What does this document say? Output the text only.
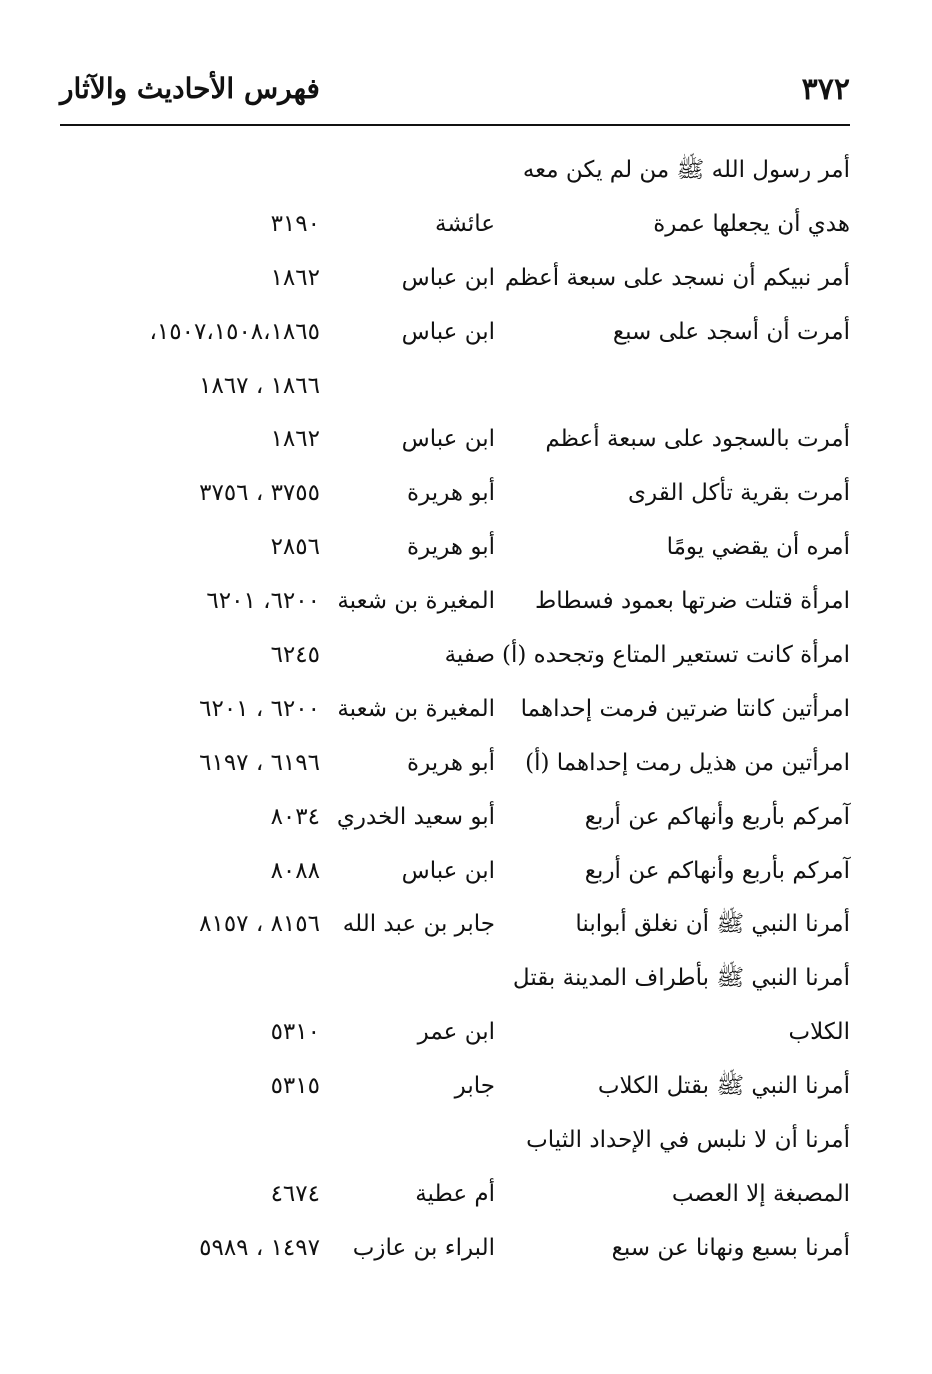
٣٧٢
فهرس الأحاديث والآثار
أمر رسول الله ﷺ من لم يكن معه
هدي أن يجعلها عمرة
عائشة
٣١٩٠
أمر نبيكم أن نسجد على سبعة أعظم
ابن عباس
١٨٦٢
أمرت أن أسجد على سبع
ابن عباس
١٥٠٧،١٥٠٨،١٨٦٥،
١٨٦٦ ، ١٨٦٧
أمرت بالسجود على سبعة أعظم
ابن عباس
١٨٦٢
أمرت بقرية تأكل القرى
أبو هريرة
٣٧٥٥ ، ٣٧٥٦
أمره أن يقضي يومًا
أبو هريرة
٢٨٥٦
امرأة قتلت ضرتها بعمود فسطاط
المغيرة بن شعبة
٦٢٠٠، ٦٢٠١
امرأة كانت تستعير المتاع وتجحده (أ)
صفية
٦٢٤٥
امرأتين كانتا ضرتين فرمت إحداهما
المغيرة بن شعبة
٦٢٠٠ ، ٦٢٠١
امرأتين من هذيل رمت إحداهما (أ)
أبو هريرة
٦١٩٦ ، ٦١٩٧
آمركم بأربع وأنهاكم عن أربع
أبو سعيد الخدري
٨٠٣٤
آمركم بأربع وأنهاكم عن أربع
ابن عباس
٨٠٨٨
أمرنا النبي ﷺ أن نغلق أبوابنا
جابر بن عبد الله
٨١٥٦ ، ٨١٥٧
أمرنا النبي ﷺ بأطراف المدينة بقتل
الكلاب
ابن عمر
٥٣١٠
أمرنا النبي ﷺ بقتل الكلاب
جابر
٥٣١٥
أمرنا أن لا نلبس في الإحداد الثياب
المصبغة إلا العصب
أم عطية
٤٦٧٤
أمرنا بسبع ونهانا عن سبع
البراء بن عازب
١٤٩٧ ، ٥٩٨٩
